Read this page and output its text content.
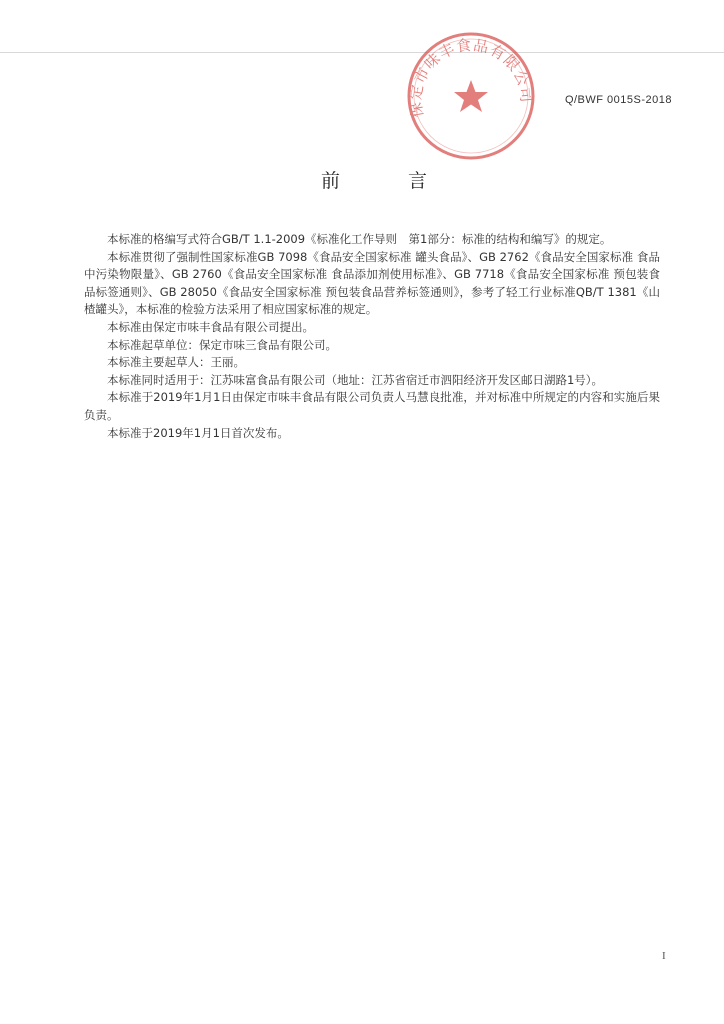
保定市味丰食品有限公司	Q/BWF 0015S-2018
前	言

本标准的格编写式符合GB/T 1.1-2009《标准化工作导则　第1部分：标准的结构和编写》的规定。

本标准贯彻了强制性国家标准GB 7098《食品安全国家标准 罐头食品》、GB 2762《食品安全国家标准 食品中污染物限量》、GB 2760《食品安全国家标准 食品添加剂使用标准》、GB 7718《食品安全国家标准 预包装食品标签通则》、GB 28050《食品安全国家标准 预包装食品营养标签通则》，参考了轻工行业标准QB/T 1381《山楂罐头》，本标准的检验方法采用了相应国家标准的规定。

本标准由保定市味丰食品有限公司提出。

本标准起草单位：保定市味三食品有限公司。

本标准主要起草人：王丽。

本标准同时适用于：江苏味富食品有限公司（地址：江苏省宿迁市泗阳经济开发区邮日湖路1号）。

本标准于2019年1月1日由保定市味丰食品有限公司负责人马慧良批准，并对标准中所规定的内容和实施后果负责。

本标准于2019年1月1日首次发布。

I
